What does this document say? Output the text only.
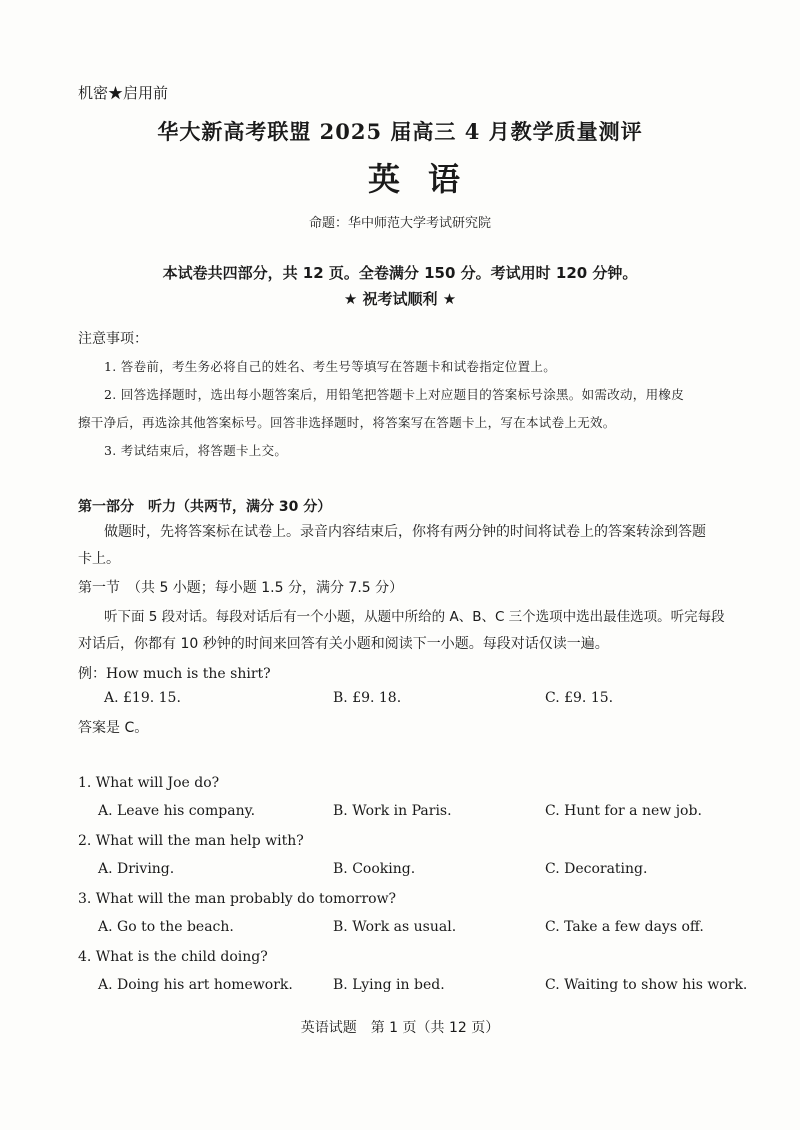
机密★启用前
华大新高考联盟 2025 届高三 4 月教学质量测评
英语
命题：华中师范大学考试研究院
本试卷共四部分，共 12 页。全卷满分 150 分。考试用时 120 分钟。
★ 祝考试顺利 ★
注意事项：
1. 答卷前，考生务必将自己的姓名、考生号等填写在答题卡和试卷指定位置上。
2. 回答选择题时，选出每小题答案后，用铅笔把答题卡上对应题目的答案标号涂黑。如需改动，用橡皮
擦干净后，再选涂其他答案标号。回答非选择题时，将答案写在答题卡上，写在本试卷上无效。
3. 考试结束后，将答题卡上交。
第一部分　听力（共两节，满分 30 分）
做题时，先将答案标在试卷上。录音内容结束后，你将有两分钟的时间将试卷上的答案转涂到答题
卡上。
第一节　（共 5 小题；每小题 1.5 分，满分 7.5 分）
听下面 5 段对话。每段对话后有一个小题，从题中所给的 A、B、C 三个选项中选出最佳选项。听完每段
对话后，你都有 10 秒钟的时间来回答有关小题和阅读下一小题。每段对话仅读一遍。
例：How much is the shirt?
A. £19. 15.	B. £9. 18.	C. £9. 15.
答案是 C。
1. What will Joe do?
A. Leave his company.	B. Work in Paris.	C. Hunt for a new job.
2. What will the man help with?
A. Driving.	B. Cooking.	C. Decorating.
3. What will the man probably do tomorrow?
A. Go to the beach.	B. Work as usual.	C. Take a few days off.
4. What is the child doing?
A. Doing his art homework.	B. Lying in bed.	C. Waiting to show his work.
英语试题　第 1 页（共 12 页）
